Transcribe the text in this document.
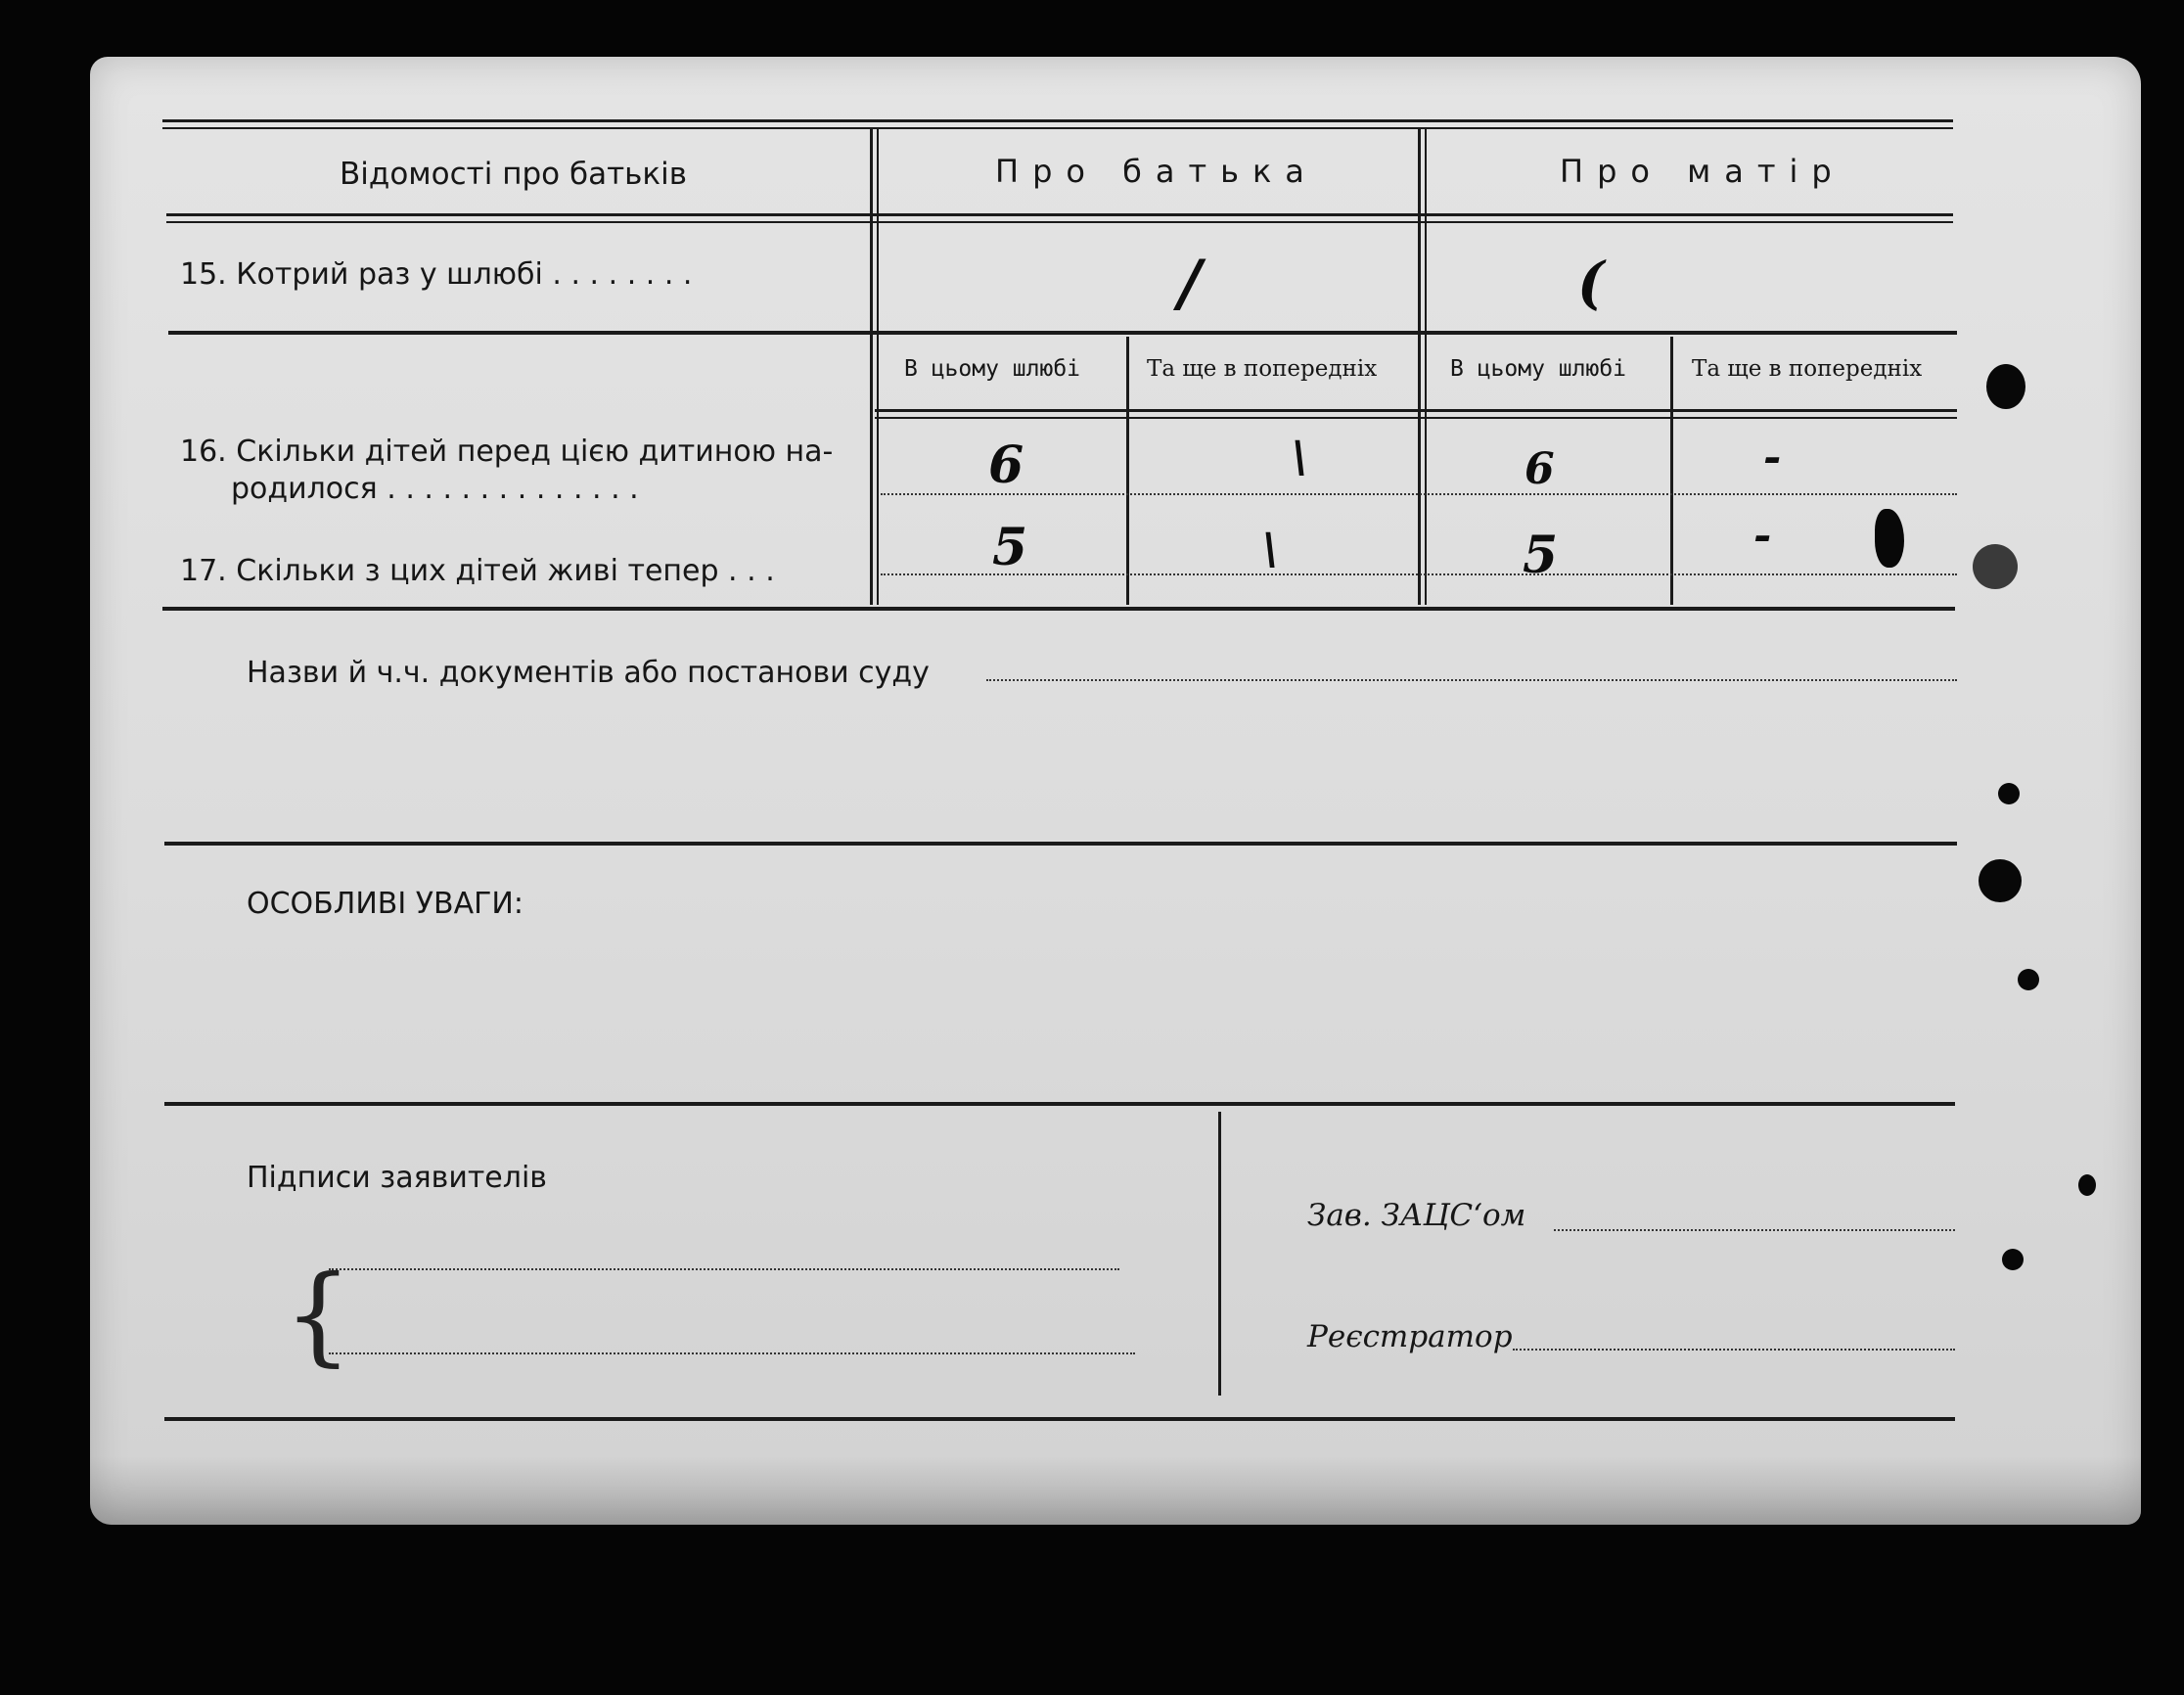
Відомості про батьків	Про батька	Про матір
15. Котрий раз у шлюбі . . . . . . . .	/	(
В цьому шлюбі	Та ще в попередніх	В цьому шлюбі	Та ще в попередніх
16. Скільки дітей перед цією дитиною на-
родилося . . . . . . . . . . . . . .	6	\	6	-
17. Скільки з цих дітей живі тепер . . .	5	\	5	-
Назви й ч.ч. документів або постанови суду
ОСОБЛИВІ УВАГИ:
Підписи заявителів
{
Зав. ЗАЦС‘ом
Реєстратор
